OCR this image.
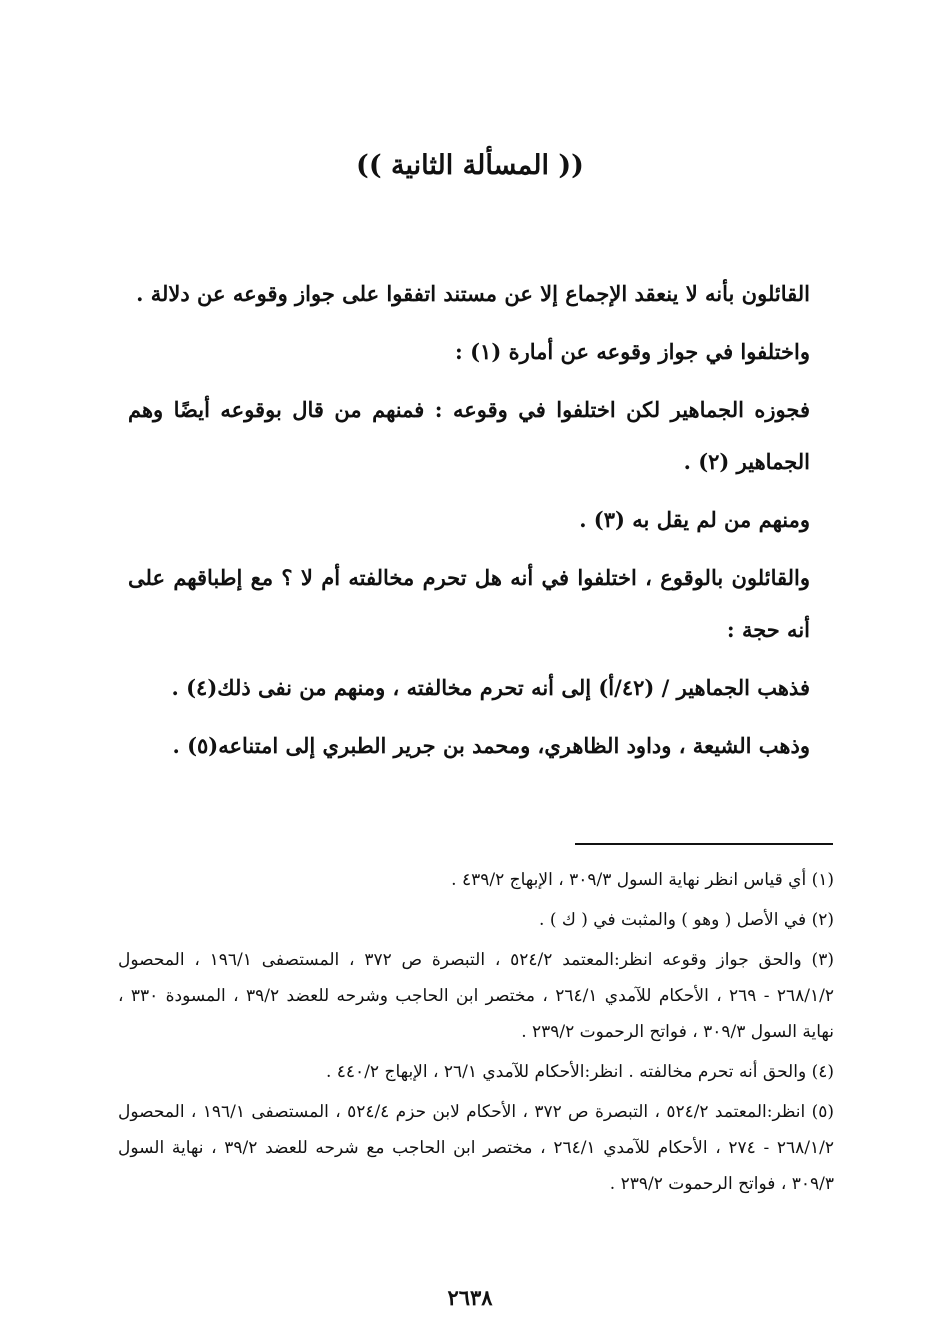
(( المسألة الثانية ))

القائلون بأنه لا ينعقد الإجماع إلا عن مستند اتفقوا على جواز وقوعه عن دلالة .

واختلفوا في جواز وقوعه عن أمارة (١) :

فجوزه الجماهير لكن اختلفوا في وقوعه : فمنهم من قال بوقوعه أيضًا وهم الجماهير (٢) .

ومنهم من لم يقل به (٣) .

والقائلون بالوقوع ، اختلفوا في أنه هل تحرم مخالفته أم لا ؟ مع إطباقهم على أنه حجة :

فذهب الجماهير / (٤٢/أ) إلى أنه تحرم مخالفته ، ومنهم من نفى ذلك(٤) .

وذهب الشيعة ، وداود الظاهري، ومحمد بن جرير الطبري إلى امتناعه(٥) .

(١) أي قياس انظر نهاية السول ٣٠٩/٣ ، الإبهاج ٤٣٩/٢ .

(٢) في الأصل ( وهو ) والمثبت في ( ك ) .

(٣) والحق جواز وقوعه انظر:المعتمد ٥٢٤/٢ ، التبصرة ص ٣٧٢ ، المستصفى ١٩٦/١ ، المحصول ٢٦٨/١/٢ - ٢٦٩ ، الأحكام للآمدي ٢٦٤/١ ، مختصر ابن الحاجب وشرحه للعضد ٣٩/٢ ، المسودة ٣٣٠ ، نهاية السول ٣٠٩/٣ ، فواتح الرحموت ٢٣٩/٢ .

(٤) والحق أنه تحرم مخالفته . انظر:الأحكام للآمدي ٢٦/١ ، الإبهاج ٤٤٠/٢ .

(٥) انظر:المعتمد ٥٢٤/٢ ، التبصرة ص ٣٧٢ ، الأحكام لابن حزم ٥٢٤/٤ ، المستصفى ١٩٦/١ ، المحصول ٢٦٨/١/٢ - ٢٧٤ ، الأحكام للآمدي ٢٦٤/١ ، مختصر ابن الحاجب مع شرحه للعضد ٣٩/٢ ، نهاية السول ٣٠٩/٣ ، فواتح الرحموت ٢٣٩/٢ .

٢٦٣٨
